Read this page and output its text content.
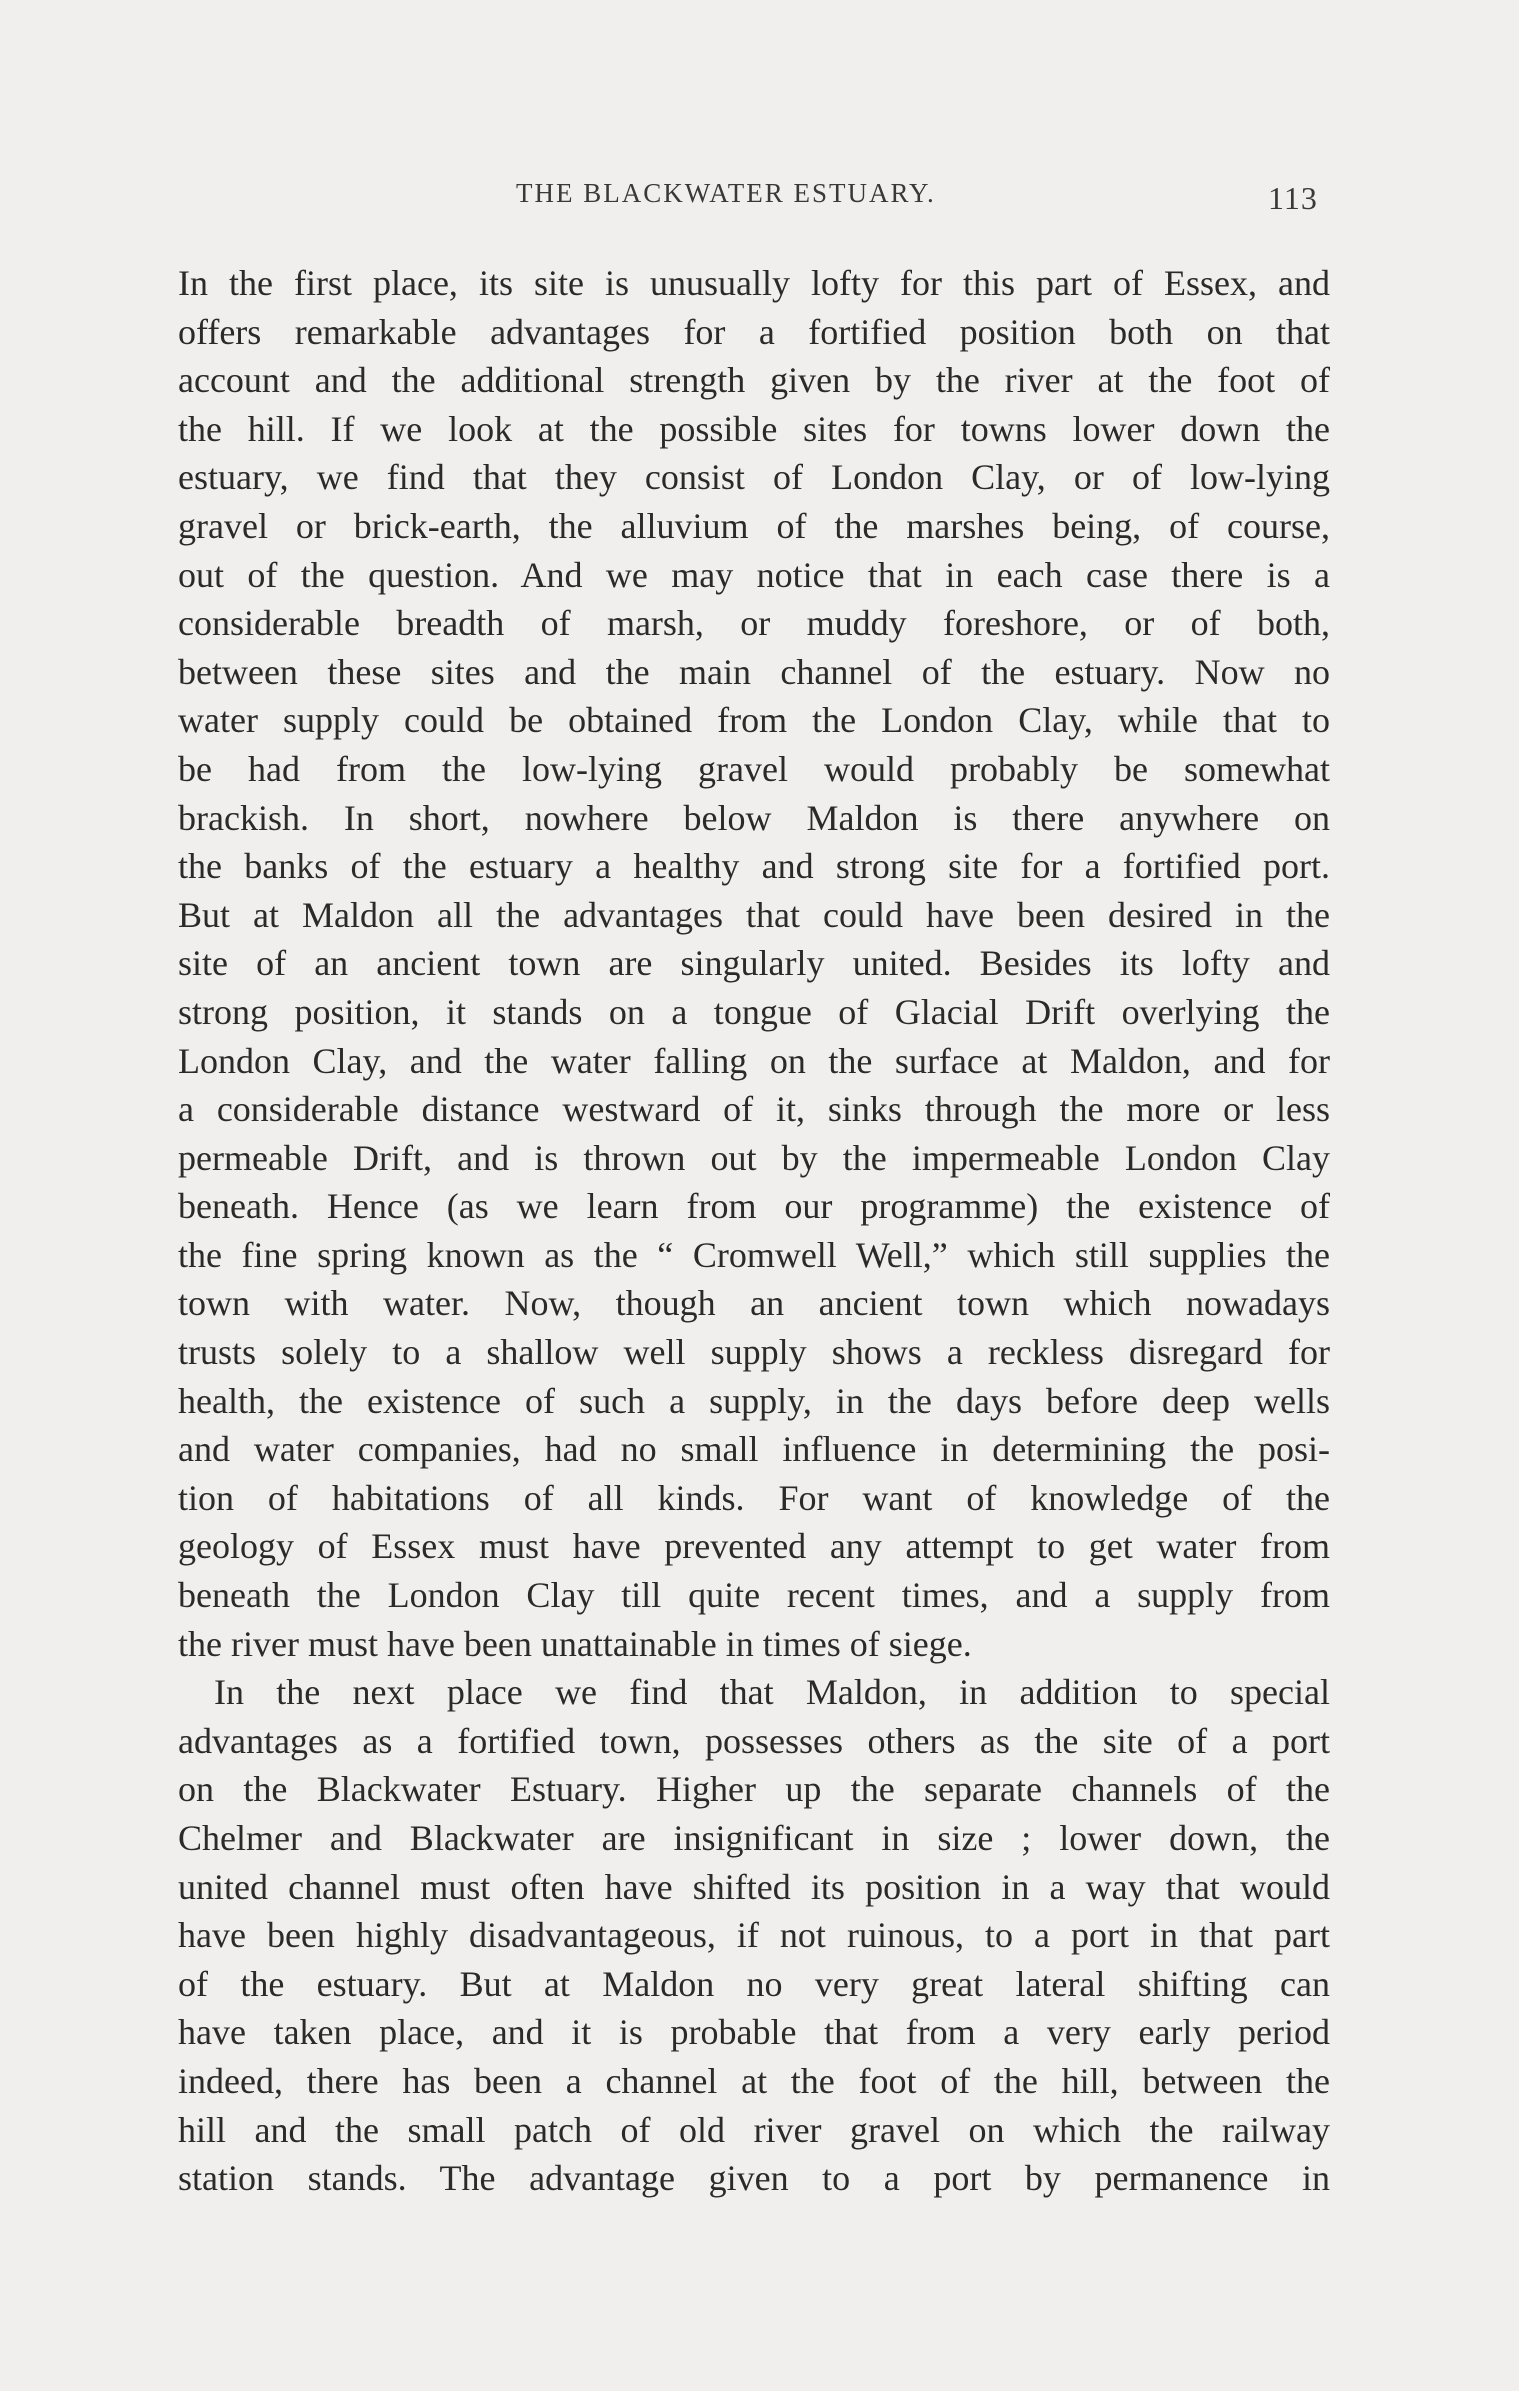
THE BLACKWATER ESTUARY.	113
In the first place, its site is unusually lofty for this part of Essex, and
offers remarkable advantages for a fortified position both on that
account and the additional strength given by the river at the foot of
the hill. If we look at the possible sites for towns lower down the
estuary, we find that they consist of London Clay, or of low-lying
gravel or brick-earth, the alluvium of the marshes being, of course,
out of the question. And we may notice that in each case there is a
considerable breadth of marsh, or muddy foreshore, or of both,
between these sites and the main channel of the estuary. Now no
water supply could be obtained from the London Clay, while that to
be had from the low-lying gravel would probably be somewhat
brackish. In short, nowhere below Maldon is there anywhere on
the banks of the estuary a healthy and strong site for a fortified port.
But at Maldon all the advantages that could have been desired in the
site of an ancient town are singularly united. Besides its lofty and
strong position, it stands on a tongue of Glacial Drift overlying the
London Clay, and the water falling on the surface at Maldon, and for
a considerable distance westward of it, sinks through the more or less
permeable Drift, and is thrown out by the impermeable London Clay
beneath. Hence (as we learn from our programme) the existence of
the fine spring known as the “ Cromwell Well,” which still supplies the
town with water. Now, though an ancient town which nowadays
trusts solely to a shallow well supply shows a reckless disregard for
health, the existence of such a supply, in the days before deep wells
and water companies, had no small influence in determining the posi-
tion of habitations of all kinds. For want of knowledge of the
geology of Essex must have prevented any attempt to get water from
beneath the London Clay till quite recent times, and a supply from
the river must have been unattainable in times of siege.
In the next place we find that Maldon, in addition to special
advantages as a fortified town, possesses others as the site of a port
on the Blackwater Estuary. Higher up the separate channels of the
Chelmer and Blackwater are insignificant in size ; lower down, the
united channel must often have shifted its position in a way that would
have been highly disadvantageous, if not ruinous, to a port in that part
of the estuary. But at Maldon no very great lateral shifting can
have taken place, and it is probable that from a very early period
indeed, there has been a channel at the foot of the hill, between the
hill and the small patch of old river gravel on which the railway
station stands. The advantage given to a port by permanence in
